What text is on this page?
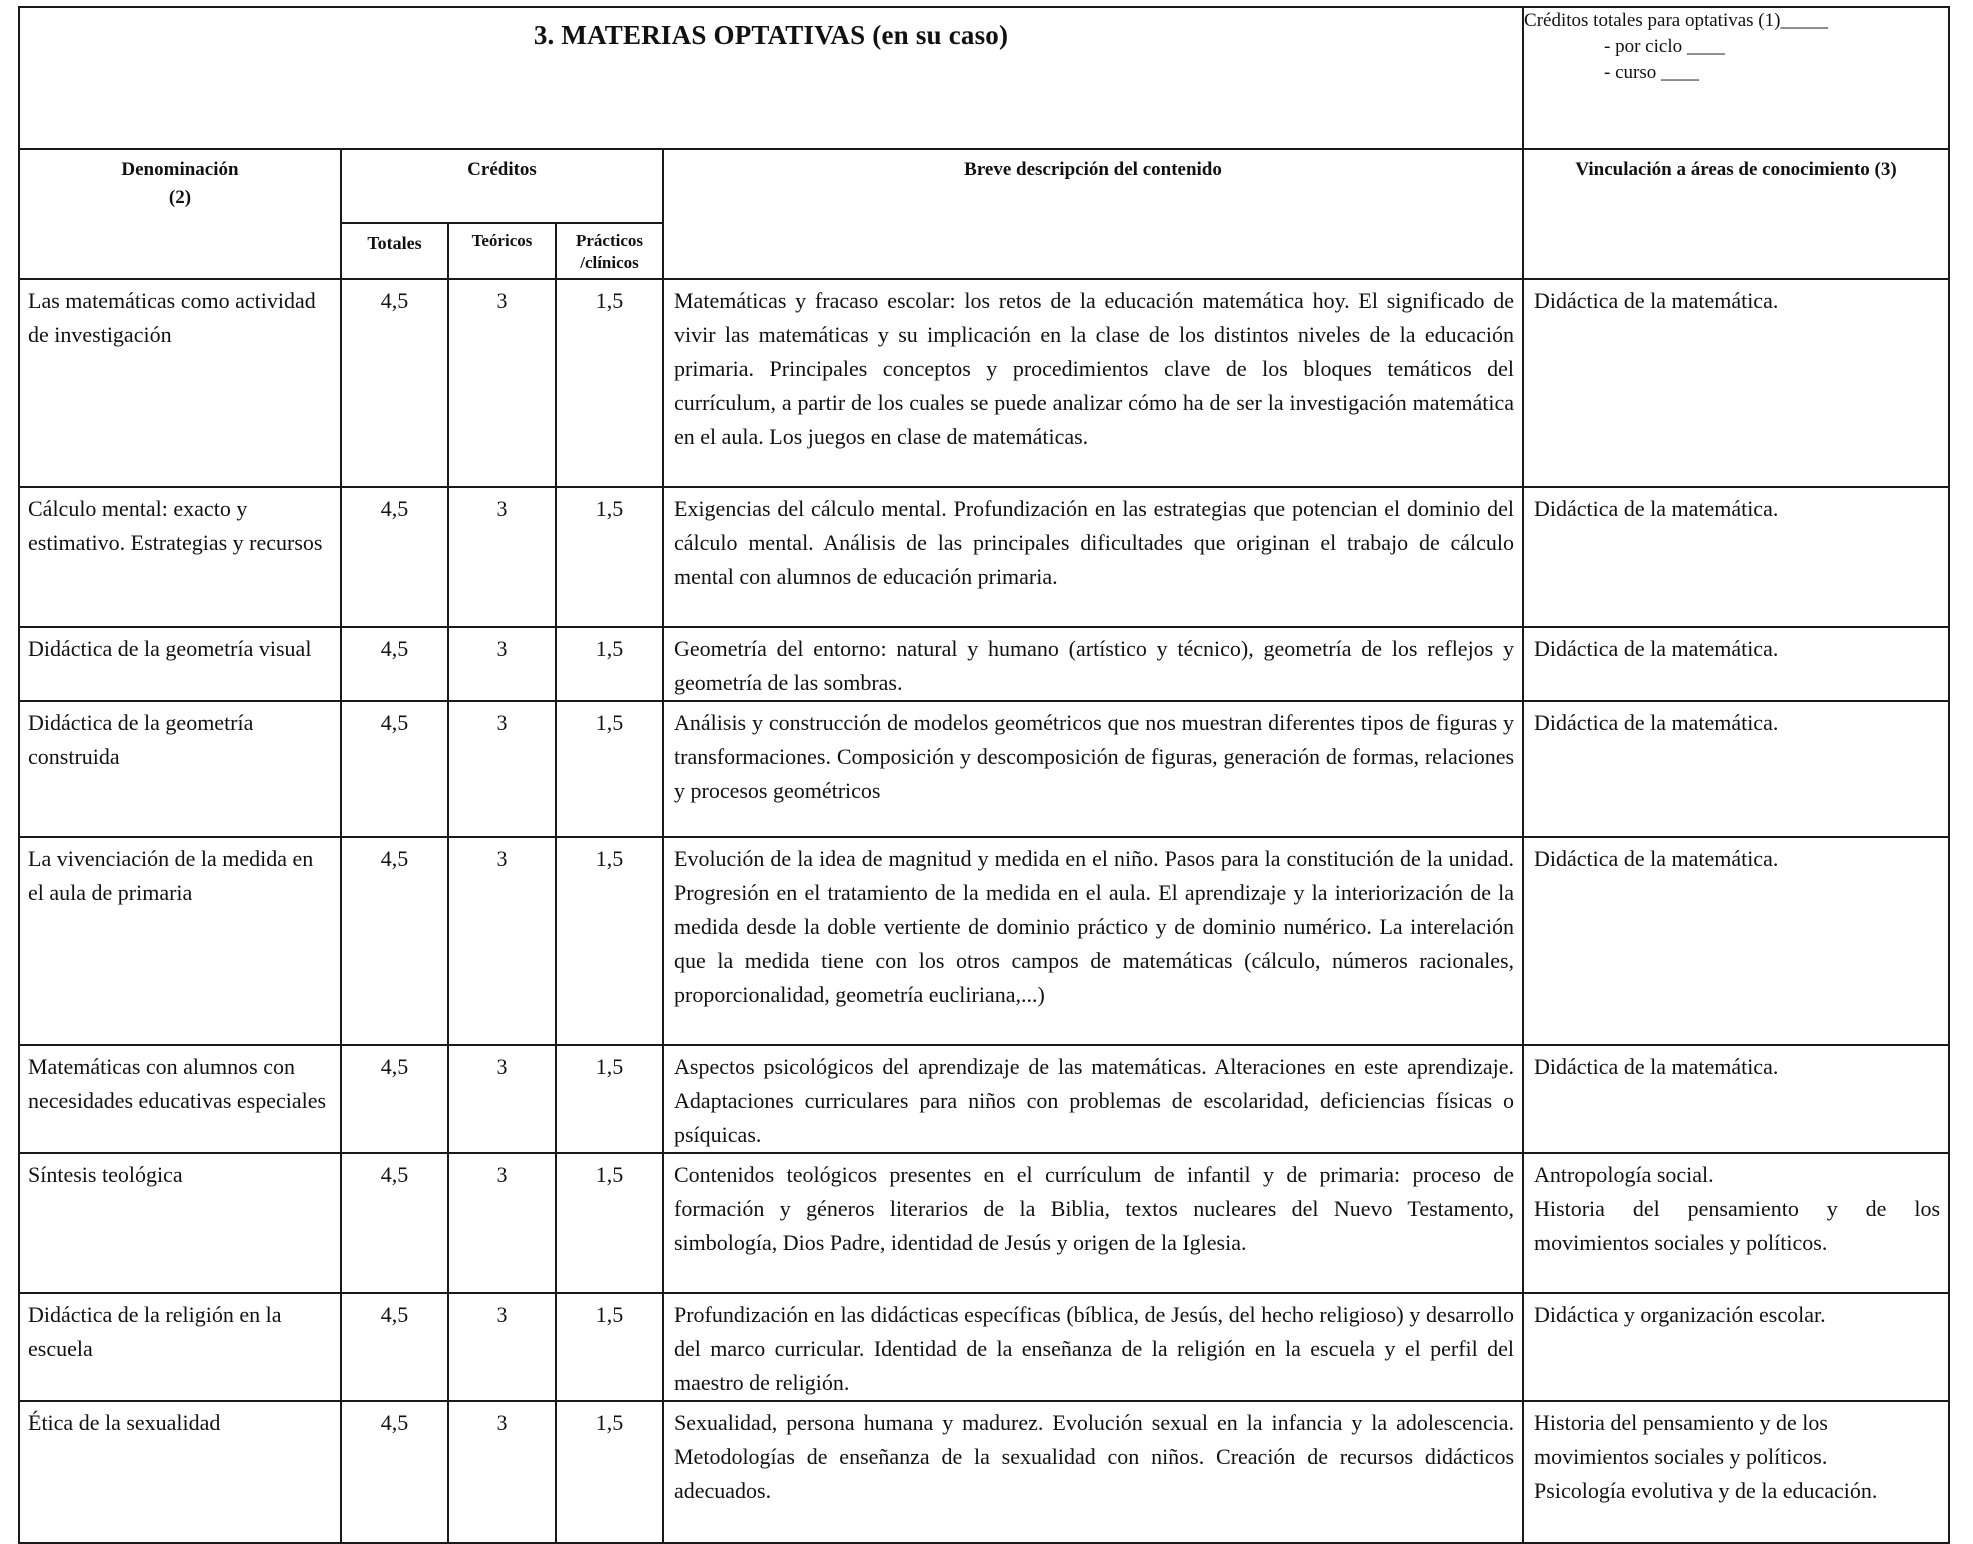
3. MATERIAS OPTATIVAS (en su caso)					Créditos totales para optativas (1)_____
- por ciclo ____
- curso ____

Denominación
(2)	Créditos			Breve descripción del contenido	Vinculación a áreas de conocimiento (3)
	Totales	Teóricos	Prácticos /clínicos		
Las matemáticas como actividad de investigación	4,5	3	1,5	Matemáticas y fracaso escolar: los retos de la educación matemática hoy. El significado de vivir las matemáticas y su implicación en la clase de los distintos niveles de la educación primaria. Principales conceptos y procedimientos clave de los bloques temáticos del currículum, a partir de los cuales se puede analizar cómo ha de ser la investigación matemática en el aula. Los juegos en clase de matemáticas.	Didáctica de la matemática.

Cálculo mental: exacto y estimativo. Estrategias y recursos	4,5	3	1,5	Exigencias del cálculo mental. Profundización en las estrategias que potencian el dominio del cálculo mental. Análisis de las principales dificultades que originan el trabajo de cálculo mental con alumnos de educación primaria.	Didáctica de la matemática.

Didáctica de la geometría visual	4,5	3	1,5	Geometría del entorno: natural y humano (artístico y técnico), geometría de los reflejos y geometría de las sombras.	Didáctica de la matemática.

Didáctica de la geometría construida	4,5	3	1,5	Análisis y construcción de modelos geométricos que nos muestran diferentes tipos de figuras y transformaciones. Composición y descomposición de figuras, generación de formas, relaciones y procesos geométricos	Didáctica de la matemática.

La vivenciación de la medida en el aula de primaria	4,5	3	1,5	Evolución de la idea de magnitud y medida en el niño. Pasos para la constitución de la unidad. Progresión en el tratamiento de la medida en el aula. El aprendizaje y la interiorización de la medida desde la doble vertiente de dominio práctico y de dominio numérico. La interelación que la medida tiene con los otros campos de matemáticas (cálculo, números racionales, proporcionalidad, geometría eucliriana,...)	Didáctica de la matemática.

Matemáticas con alumnos con necesidades educativas especiales	4,5	3	1,5	Aspectos psicológicos del aprendizaje de las matemáticas. Alteraciones en este aprendizaje. Adaptaciones curriculares para niños con problemas de escolaridad, deficiencias físicas o psíquicas.	Didáctica de la matemática.

Síntesis teológica	4,5	3	1,5	Contenidos teológicos presentes en el currículum de infantil y de primaria: proceso de formación y géneros literarios de la Biblia, textos nucleares del Nuevo Testamento, simbología, Dios Padre, identidad de Jesús y origen de la Iglesia.	Antropología social.
Historia del pensamiento y de los movimientos sociales y políticos.

Didáctica de la religión en la escuela	4,5	3	1,5	Profundización en las didácticas específicas (bíblica, de Jesús, del hecho religioso) y desarrollo del marco curricular. Identidad de la enseñanza de la religión en la escuela y el perfil del maestro de religión.	Didáctica y organización escolar.

Ética de la sexualidad	4,5	3	1,5	Sexualidad, persona humana y madurez. Evolución sexual en la infancia y la adolescencia. Metodologías de enseñanza de la sexualidad con niños. Creación de recursos didácticos adecuados.	Historia del pensamiento y de los movimientos sociales y políticos.
Psicología evolutiva y de la educación.
